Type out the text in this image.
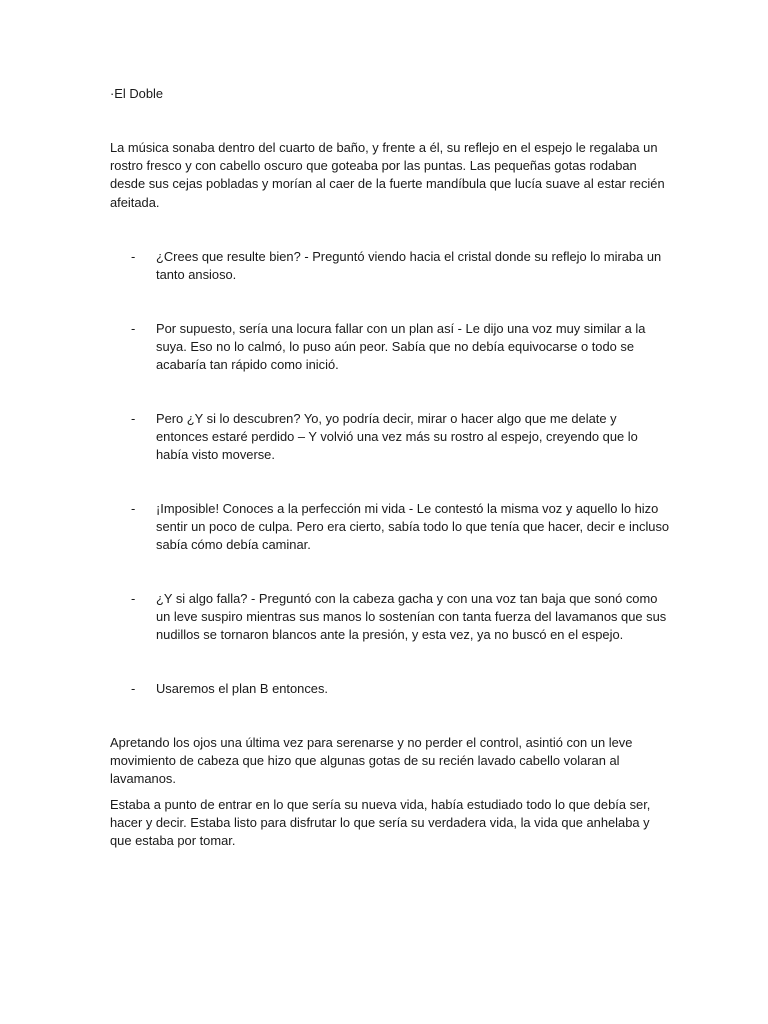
·El Doble

La música sonaba dentro del cuarto de baño, y frente a él, su reflejo en el espejo le regalaba un rostro fresco y con cabello oscuro que goteaba por las puntas. Las pequeñas gotas rodaban desde sus cejas pobladas y morían al caer de la fuerte mandíbula que lucía suave al estar recién afeitada.

-	¿Crees que resulte bien? - Preguntó viendo hacia el cristal donde su reflejo lo miraba un tanto ansioso.
-	Por supuesto, sería una locura fallar con un plan así - Le dijo una voz muy similar a la suya. Eso no lo calmó, lo puso aún peor. Sabía que no debía equivocarse o todo se acabaría tan rápido como inició.
-	Pero ¿Y si lo descubren? Yo, yo podría decir, mirar o hacer algo que me delate y entonces estaré perdido – Y volvió una vez más su rostro al espejo, creyendo que lo había visto moverse.
-	¡Imposible! Conoces a la perfección mi vida - Le contestó la misma voz y aquello lo hizo sentir un poco de culpa. Pero era cierto, sabía todo lo que tenía que hacer, decir e incluso sabía cómo debía caminar.
-	¿Y si algo falla? - Preguntó con la cabeza gacha y con una voz tan baja que sonó como un leve suspiro mientras sus manos lo sostenían con tanta fuerza del lavamanos que sus nudillos se tornaron blancos ante la presión, y esta vez, ya no buscó en el espejo.
-	Usaremos el plan B entonces.

Apretando los ojos una última vez para serenarse y no perder el control, asintió con un leve movimiento de cabeza que hizo que algunas gotas de su recién lavado cabello volaran al lavamanos.

Estaba a punto de entrar en lo que sería su nueva vida, había estudiado todo lo que debía ser, hacer y decir. Estaba listo para disfrutar lo que sería su verdadera vida, la vida que anhelaba y que estaba por tomar.
